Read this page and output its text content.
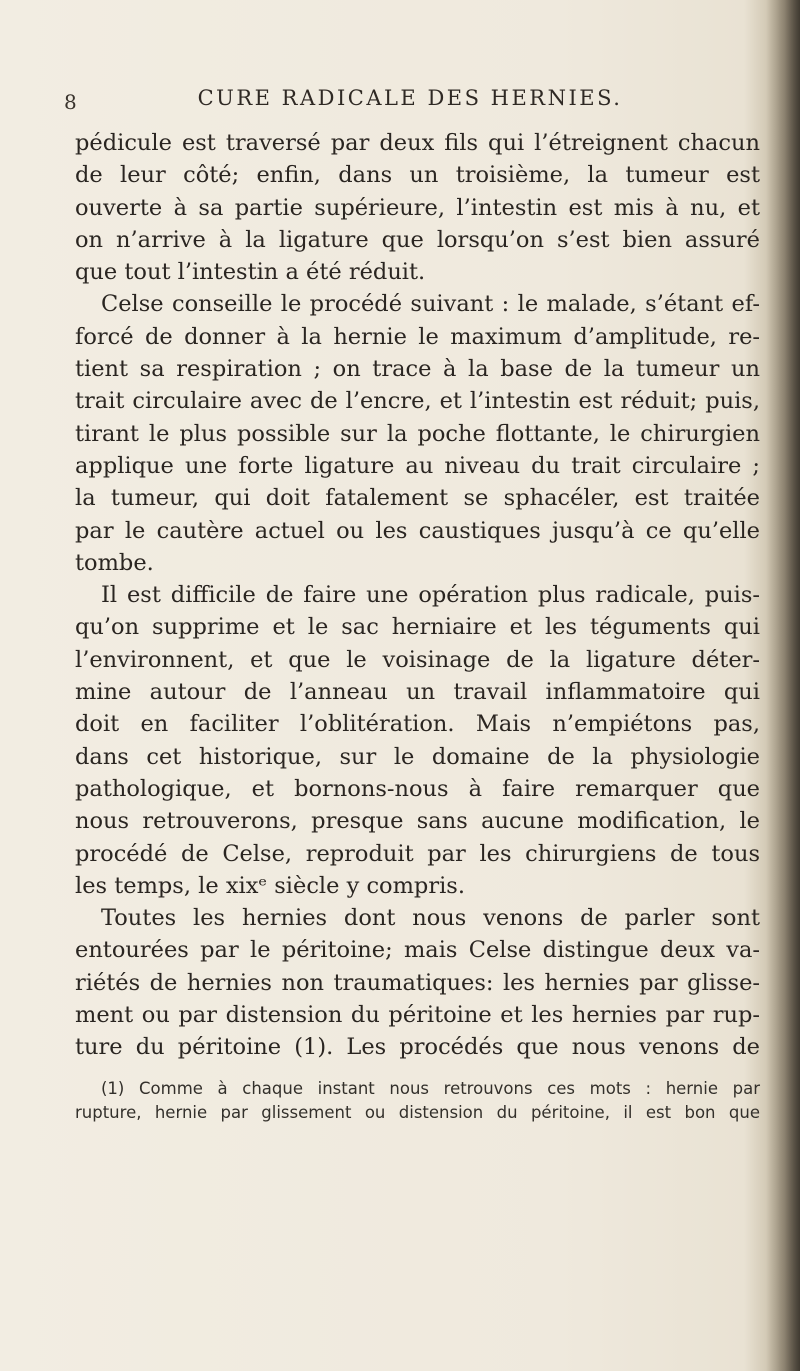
8	CURE RADICALE DES HERNIES.
pédicule est traversé par deux fils qui l’étreignent chacun
de leur côté; enfin, dans un troisième, la tumeur est
ouverte à sa partie supérieure, l’intestin est mis à nu, et
on n’arrive à la ligature que lorsqu’on s’est bien assuré
que tout l’intestin a été réduit.
Celse conseille le procédé suivant : le malade, s’étant ef-
forcé de donner à la hernie le maximum d’amplitude, re-
tient sa respiration ; on trace à la base de la tumeur un
trait circulaire avec de l’encre, et l’intestin est réduit; puis,
tirant le plus possible sur la poche flottante, le chirurgien
applique une forte ligature au niveau du trait circulaire ;
la tumeur, qui doit fatalement se sphacéler, est traitée
par le cautère actuel ou les caustiques jusqu’à ce qu’elle
tombe.
Il est difficile de faire une opération plus radicale, puis-
qu’on supprime et le sac herniaire et les téguments qui
l’environnent, et que le voisinage de la ligature déter-
mine autour de l’anneau un travail inflammatoire qui
doit en faciliter l’oblitération. Mais n’empiétons pas,
dans cet historique, sur le domaine de la physiologie
pathologique, et bornons-nous à faire remarquer que
nous retrouverons, presque sans aucune modification, le
procédé de Celse, reproduit par les chirurgiens de tous
les temps, le xixᵉ siècle y compris.
Toutes les hernies dont nous venons de parler sont
entourées par le péritoine; mais Celse distingue deux va-
riétés de hernies non traumatiques: les hernies par glisse-
ment ou par distension du péritoine et les hernies par rup-
ture du péritoine (1). Les procédés que nous venons de
(1) Comme à chaque instant nous retrouvons ces mots : hernie par
rupture, hernie par glissement ou distension du péritoine, il est bon que
